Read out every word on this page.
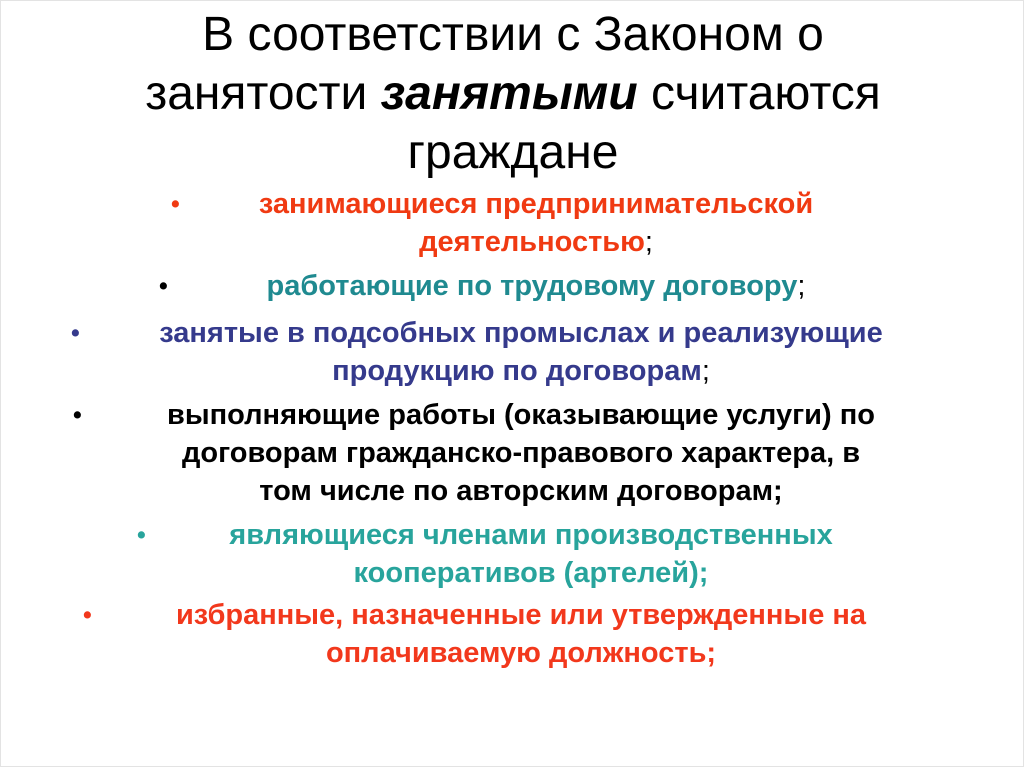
В соответствии с Законом о
занятости занятыми считаются
граждане
занимающиеся предпринимательской
деятельностью;
•
работающие по трудовому договору;
•
занятые в подсобных промыслах и реализующие
продукцию по договорам;
•
выполняющие работы (оказывающие услуги) по
договорам гражданско-правового характера, в
том числе по авторским договорам;
•
являющиеся членами производственных
кооперативов (артелей);
•
избранные, назначенные или утвержденные на
оплачиваемую должность;
•
